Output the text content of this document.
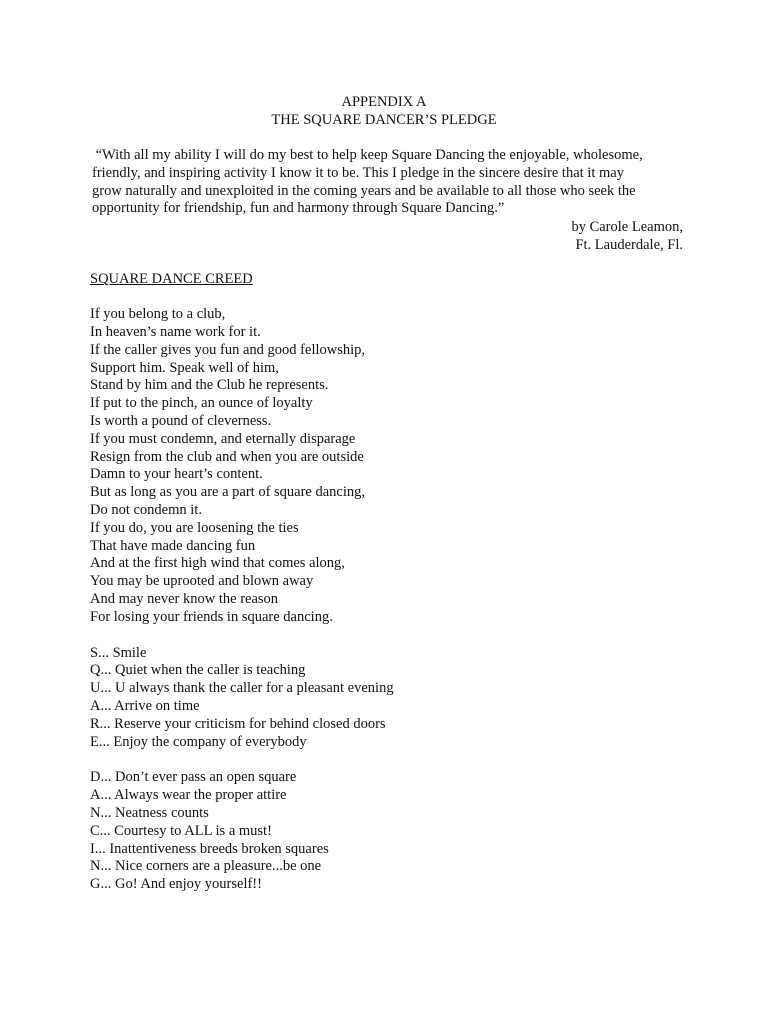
APPENDIX A
THE SQUARE DANCER’S PLEDGE
“With all my ability I will do my best to help keep Square Dancing the enjoyable, wholesome,
friendly, and inspiring activity I know it to be. This I pledge in the sincere desire that it may
grow naturally and unexploited in the coming years and be available to all those who seek the
opportunity for friendship, fun and harmony through Square Dancing.”
by Carole Leamon,
Ft. Lauderdale, Fl.
SQUARE DANCE CREED
If you belong to a club,
In heaven’s name work for it.
If the caller gives you fun and good fellowship,
Support him. Speak well of him,
Stand by him and the Club he represents.
If put to the pinch, an ounce of loyalty
Is worth a pound of cleverness.
If you must condemn, and eternally disparage
Resign from the club and when you are outside
Damn to your heart’s content.
But as long as you are a part of square dancing,
Do not condemn it.
If you do, you are loosening the ties
That have made dancing fun
And at the first high wind that comes along,
You may be uprooted and blown away
And may never know the reason
For losing your friends in square dancing.
S... Smile
Q... Quiet when the caller is teaching
U... U always thank the caller for a pleasant evening
A... Arrive on time
R... Reserve your criticism for behind closed doors
E... Enjoy the company of everybody
D... Don’t ever pass an open square
A... Always wear the proper attire
N... Neatness counts
C... Courtesy to ALL is a must!
I... Inattentiveness breeds broken squares
N... Nice corners are a pleasure...be one
G... Go! And enjoy yourself!!
